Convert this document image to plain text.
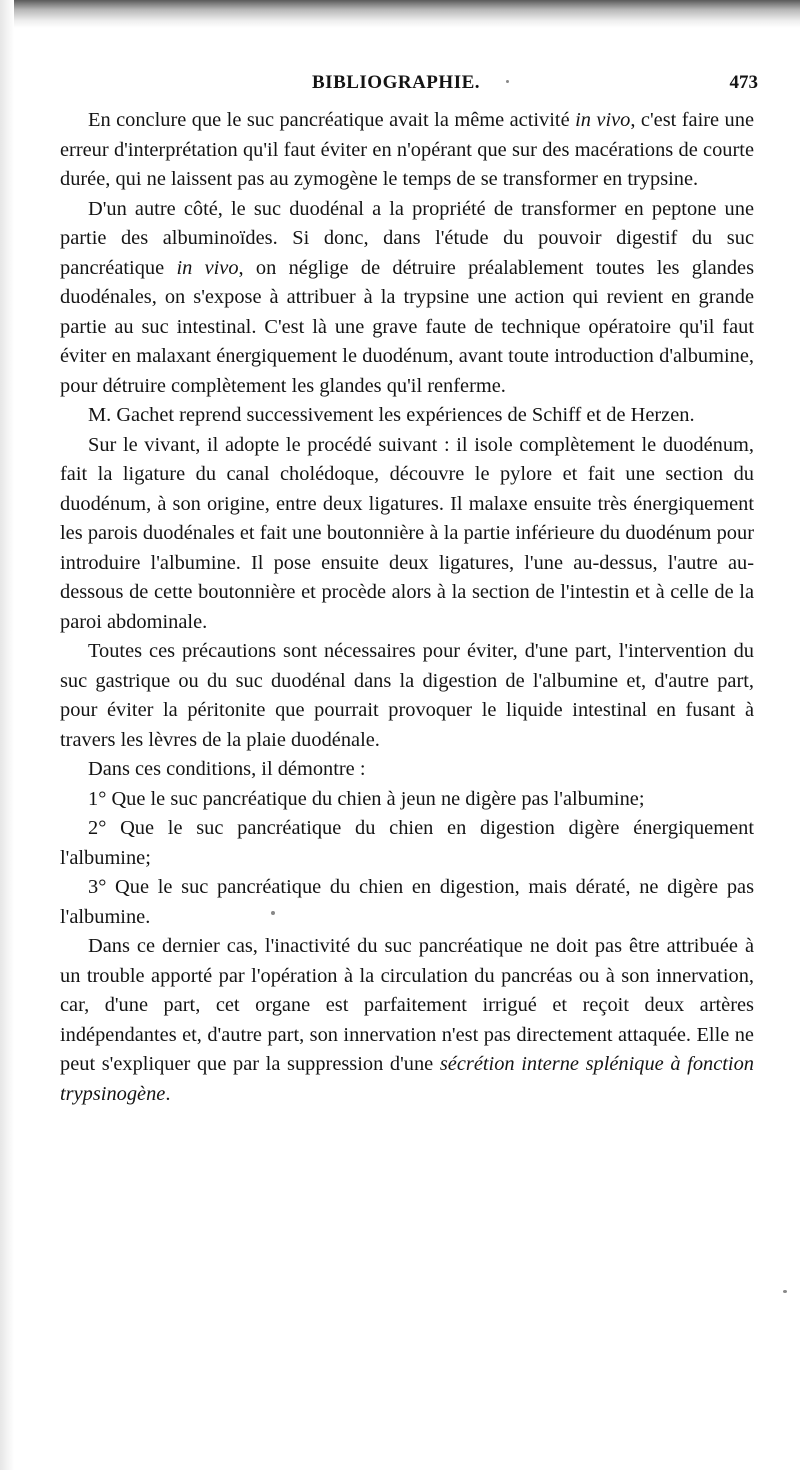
BIBLIOGRAPHIE.	473

En conclure que le suc pancréatique avait la même activité in vivo, c'est faire une erreur d'interprétation qu'il faut éviter en n'opérant que sur des macérations de courte durée, qui ne laissent pas au zymogène le temps de se transformer en trypsine.

D'un autre côté, le suc duodénal a la propriété de transformer en peptone une partie des albuminoïdes. Si donc, dans l'étude du pouvoir digestif du suc pancréatique in vivo, on néglige de détruire préalablement toutes les glandes duodénales, on s'expose à attribuer à la trypsine une action qui revient en grande partie au suc intestinal. C'est là une grave faute de technique opératoire qu'il faut éviter en malaxant énergiquement le duodénum, avant toute introduction d'albumine, pour détruire complètement les glandes qu'il renferme.

M. Gachet reprend successivement les expériences de Schiff et de Herzen.

Sur le vivant, il adopte le procédé suivant : il isole complètement le duodénum, fait la ligature du canal cholédoque, découvre le pylore et fait une section du duodénum, à son origine, entre deux ligatures. Il malaxe ensuite très énergiquement les parois duodénales et fait une boutonnière à la partie inférieure du duodénum pour introduire l'albumine. Il pose ensuite deux ligatures, l'une au-dessus, l'autre au-dessous de cette boutonnière et procède alors à la section de l'intestin et à celle de la paroi abdominale.

Toutes ces précautions sont nécessaires pour éviter, d'une part, l'intervention du suc gastrique ou du suc duodénal dans la digestion de l'albumine et, d'autre part, pour éviter la péritonite que pourrait provoquer le liquide intestinal en fusant à travers les lèvres de la plaie duodénale.

Dans ces conditions, il démontre :

1° Que le suc pancréatique du chien à jeun ne digère pas l'albumine;

2° Que le suc pancréatique du chien en digestion digère énergiquement l'albumine;

3° Que le suc pancréatique du chien en digestion, mais dératé, ne digère pas l'albumine.

Dans ce dernier cas, l'inactivité du suc pancréatique ne doit pas être attribuée à un trouble apporté par l'opération à la circulation du pancréas ou à son innervation, car, d'une part, cet organe est parfaitement irrigué et reçoit deux artères indépendantes et, d'autre part, son innervation n'est pas directement attaquée. Elle ne peut s'expliquer que par la suppression d'une sécrétion interne splénique à fonction trypsinogène.
